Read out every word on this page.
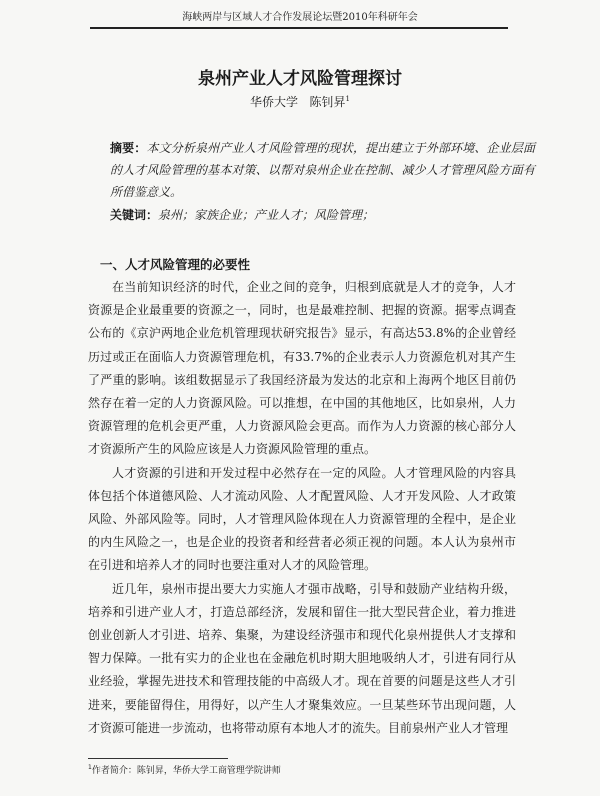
海峡两岸与区域人才合作发展论坛暨2010年科研年会
泉州产业人才风险管理探讨
华侨大学 陈钊昇$^1$
摘要：本文分析泉州产业人才风险管理的现状，提出建立于外部环境、企业层面的人才风险管理的基本对策、以帮对泉州企业在控制、减少人才管理风险方面有所借鉴意义。
关键词：泉州；家族企业；产业人才；风险管理；
一、人才风险管理的必要性

在当前知识经济的时代，企业之间的竞争，归根到底就是人才的竞争，人才资源是企业最重要的资源之一，同时，也是最难控制、把握的资源。据零点调查公布的《京沪两地企业危机管理现状研究报告》显示，有高达53.8%的企业曾经历过或正在面临人力资源管理危机，有33.7%的企业表示人力资源危机对其产生了严重的影响。该组数据显示了我国经济最为发达的北京和上海两个地区目前仍然存在着一定的人力资源风险。可以推想，在中国的其他地区，比如泉州，人力资源管理的危机会更严重，人力资源风险会更高。而作为人力资源的核心部分人才资源所产生的风险应该是人力资源风险管理的重点。

人才资源的引进和开发过程中必然存在一定的风险。人才管理风险的内容具体包括个体道德风险、人才流动风险、人才配置风险、人才开发风险、人才政策风险、外部风险等。同时，人才管理风险体现在人力资源管理的全程中，是企业的内生风险之一，也是企业的投资者和经营者必须正视的问题。本人认为泉州市在引进和培养人才的同时也要注重对人才的风险管理。

近几年，泉州市提出要大力实施人才强市战略，引导和鼓励产业结构升级，培养和引进产业人才，打造总部经济，发展和留住一批大型民营企业，着力推进创业创新人才引进、培养、集聚，为建设经济强市和现代化泉州提供人才支撑和智力保障。一批有实力的企业也在金融危机时期大胆地吸纳人才，引进有同行从业经验，掌握先进技术和管理技能的中高级人才。现在首要的问题是这些人才引进来，要能留得住，用得好，以产生人才聚集效应。一旦某些环节出现问题，人才资源可能进一步流动，也将带动原有本地人才的流失。目前泉州产业人才管理

$^1$作者简介：陈钊昇，华侨大学工商管理学院讲师
